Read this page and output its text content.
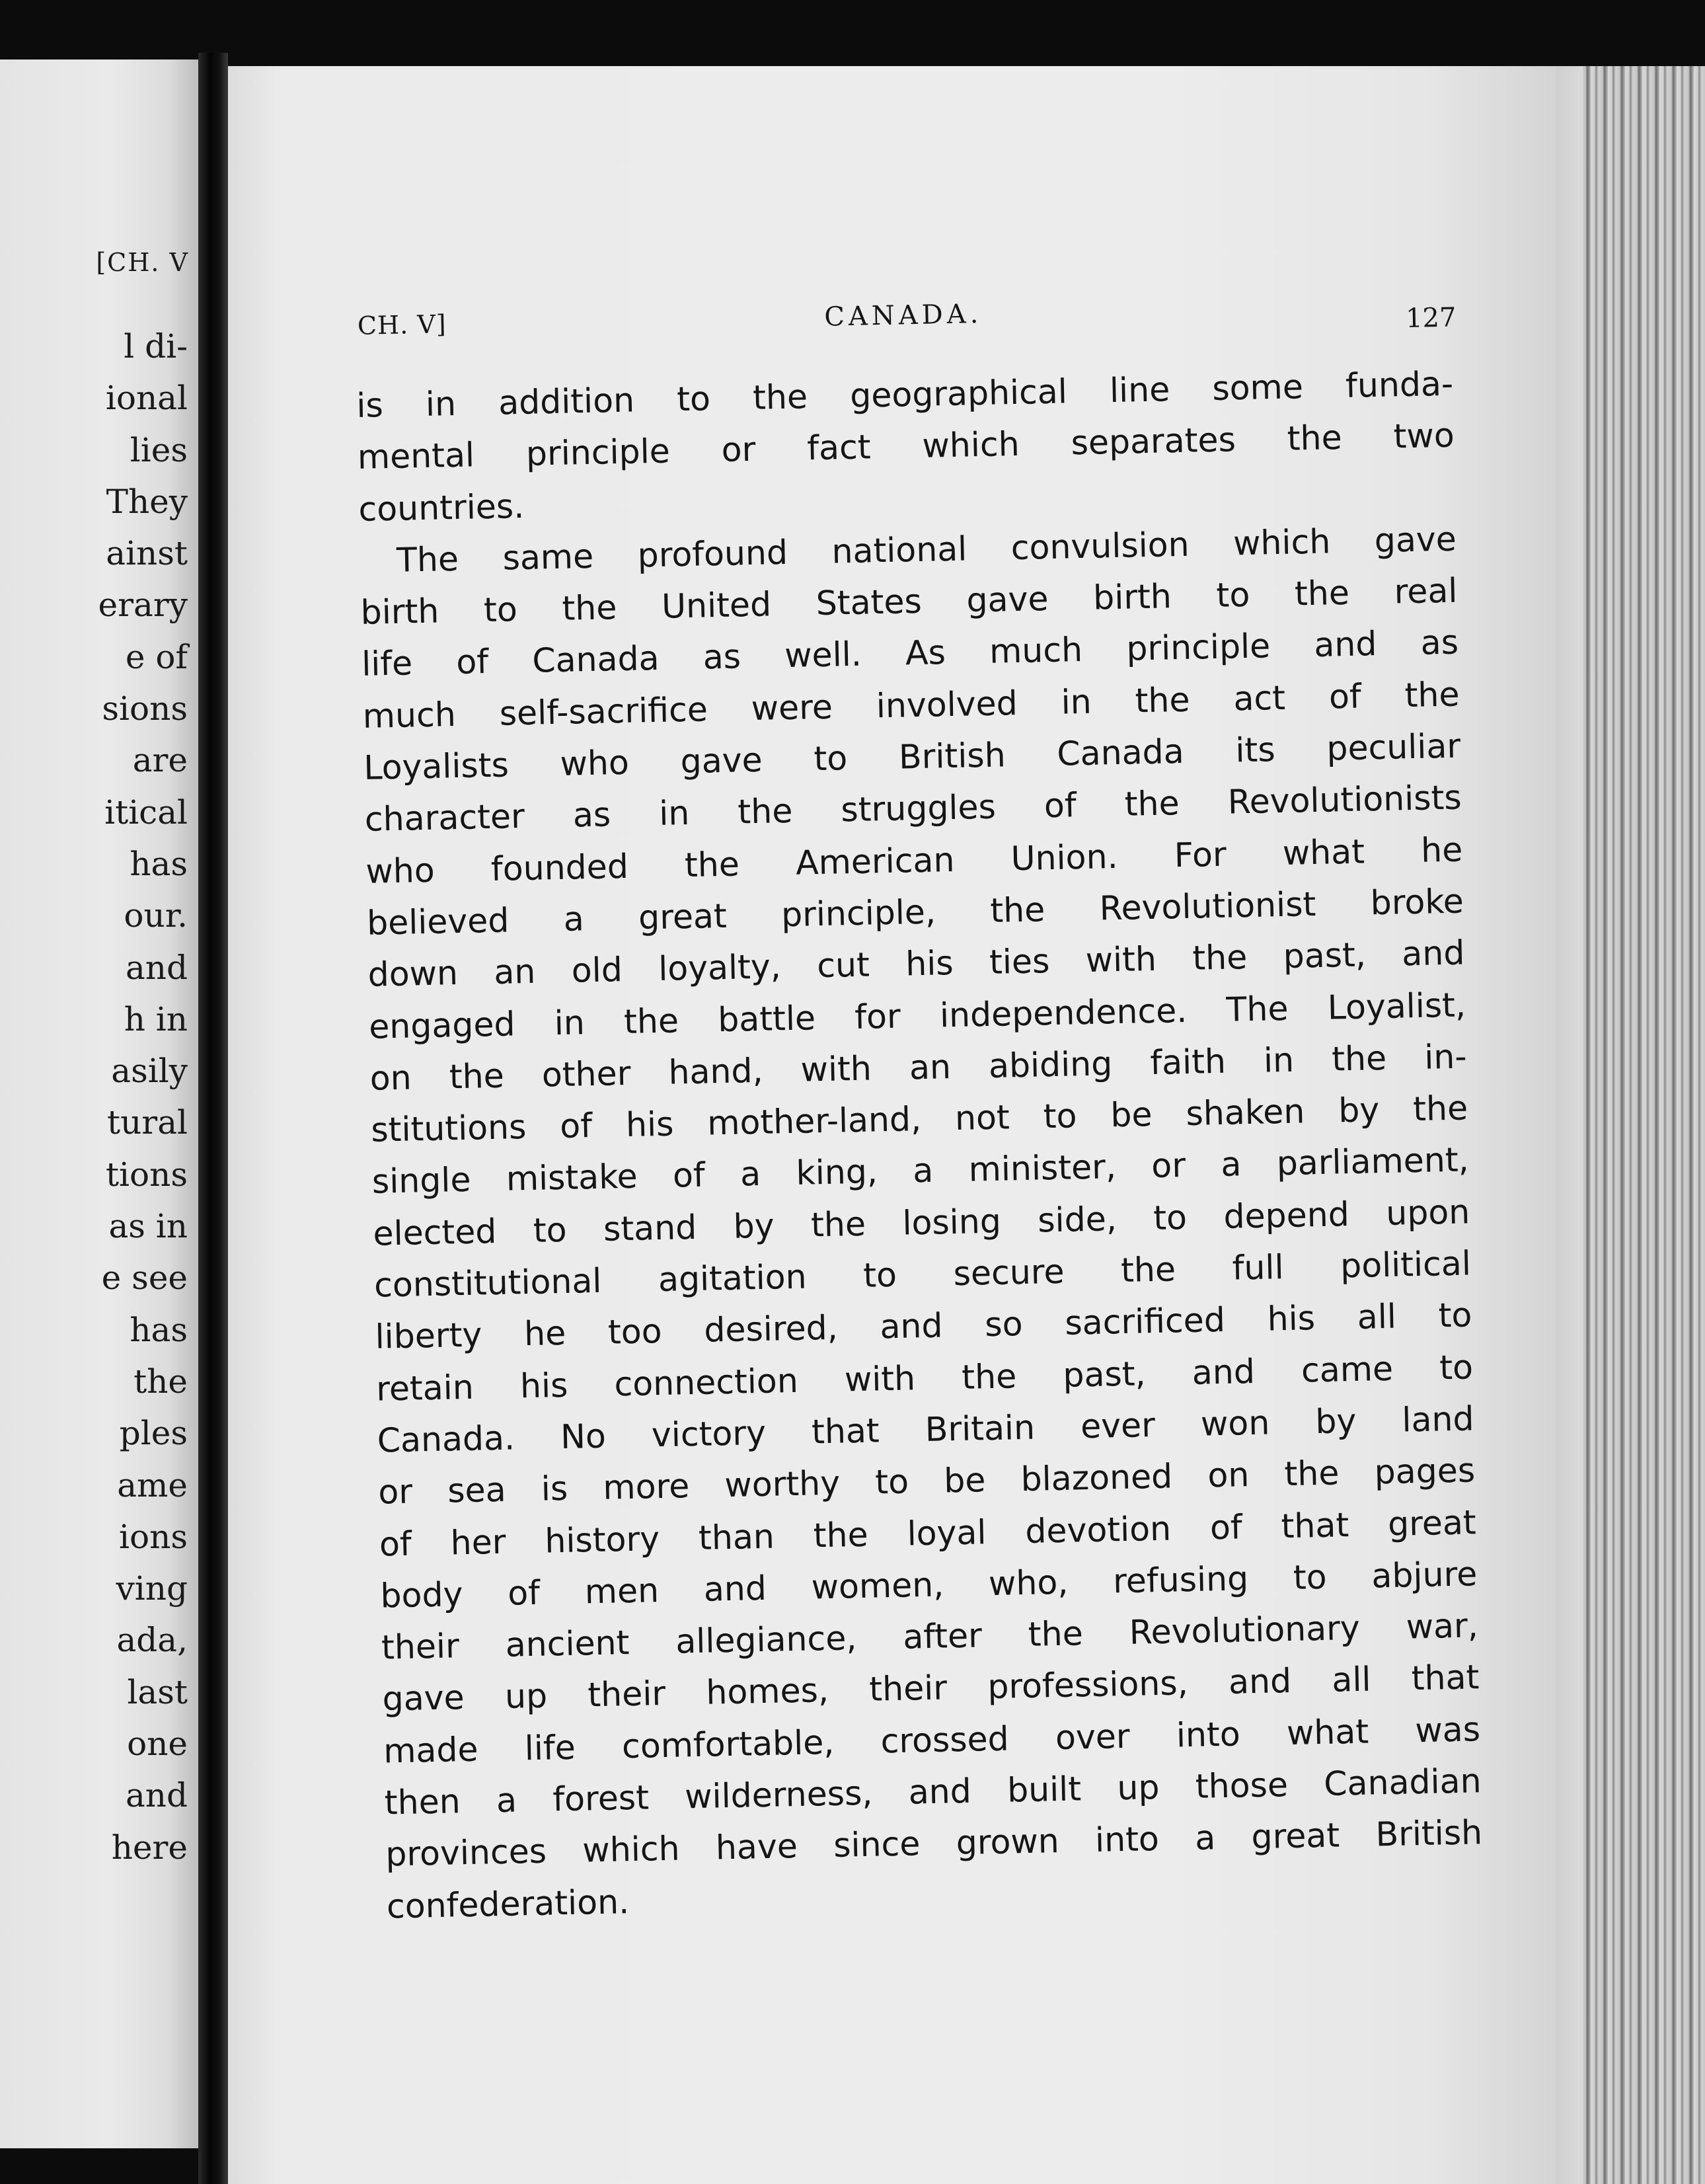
[CH. V
l di-
ional
lies
They
ainst
erary
e of
sions
are
itical
has
our.
and
h in
asily
tural
tions
as in
e see
has
the
ples
ame
ions
ving
ada,
last
one
and
here
CH. V]	CANADA.	127
is in addition to the geographical line some funda-
mental principle or fact which separates the two
countries.
The same profound national convulsion which gave
birth to the United States gave birth to the real
life of Canada as well. As much principle and as
much self-sacrifice were involved in the act of the
Loyalists who gave to British Canada its peculiar
character as in the struggles of the Revolutionists
who founded the American Union. For what he
believed a great principle, the Revolutionist broke
down an old loyalty, cut his ties with the past, and
engaged in the battle for independence. The Loyalist,
on the other hand, with an abiding faith in the in-
stitutions of his mother-land, not to be shaken by the
single mistake of a king, a minister, or a parliament,
elected to stand by the losing side, to depend upon
constitutional agitation to secure the full political
liberty he too desired, and so sacrificed his all to
retain his connection with the past, and came to
Canada. No victory that Britain ever won by land
or sea is more worthy to be blazoned on the pages
of her history than the loyal devotion of that great
body of men and women, who, refusing to abjure
their ancient allegiance, after the Revolutionary war,
gave up their homes, their professions, and all that
made life comfortable, crossed over into what was
then a forest wilderness, and built up those Canadian
provinces which have since grown into a great British
confederation.
